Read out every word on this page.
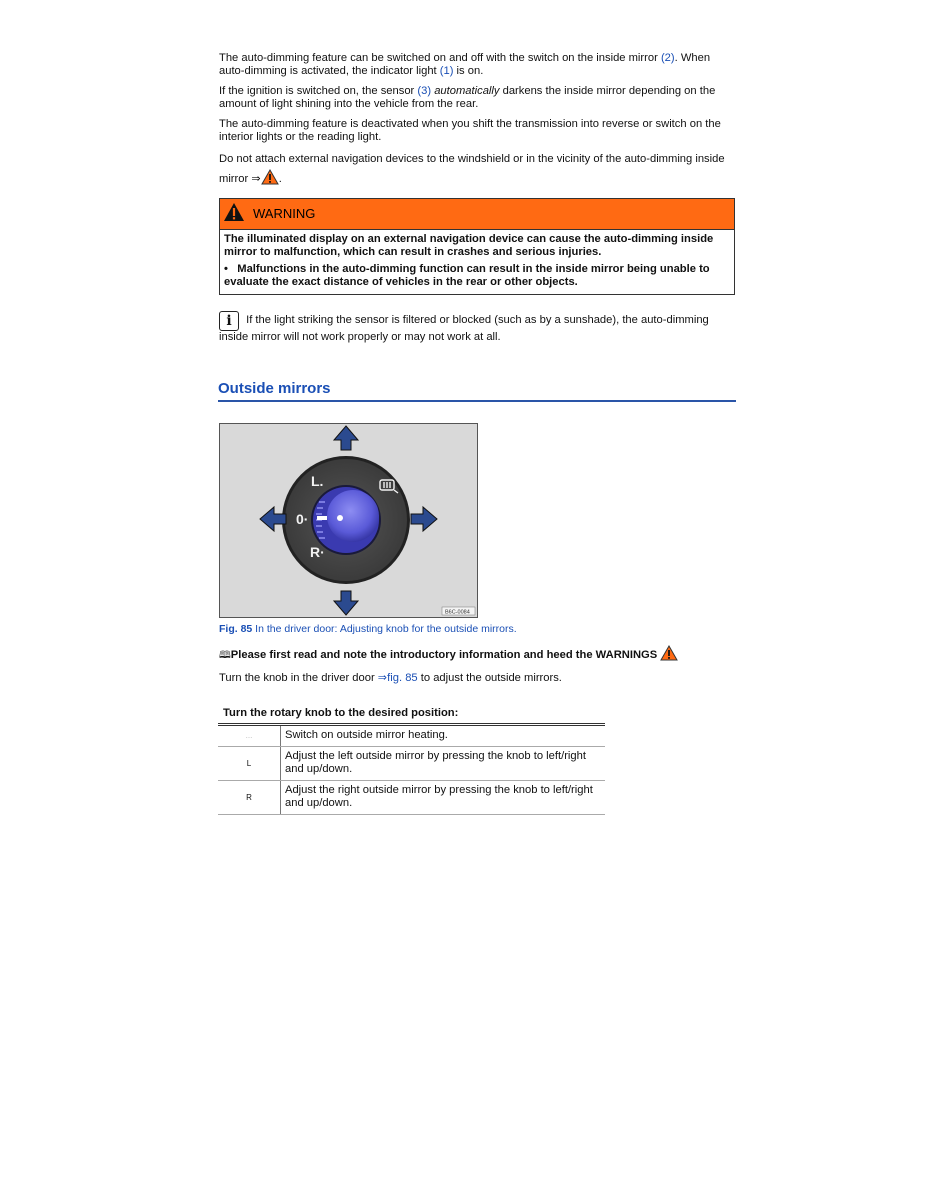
The auto-dimming feature can be switched on and off with the switch on the inside mirror (2). When auto-dimming is activated, the indicator light (1) is on.

If the ignition is switched on, the sensor (3) automatically darkens the inside mirror depending on the amount of light shining into the vehicle from the rear.

The auto-dimming feature is deactivated when you shift the transmission into reverse or switch on the interior lights or the reading light.

Do not attach external navigation devices to the windshield or in the vicinity of the auto-dimming inside mirror ⇒ .

WARNING
The illuminated display on an external navigation device can cause the auto-dimming inside mirror to malfunction, which can result in crashes and serious injuries.
• Malfunctions in the auto-dimming function can result in the inside mirror being unable to evaluate the exact distance of vehicles in the rear or other objects.
i If the light striking the sensor is filtered or blocked (such as by a sunshade), the auto-dimming inside mirror will not work properly or may not work at all.
Outside mirrors
L.
0·
R·
B6C-0084
Fig. 85 In the driver door: Adjusting knob for the outside mirrors.
🕮Please first read and note the introductory information and heed the WARNINGS
Turn the knob in the driver door ⇒fig. 85 to adjust the outside mirrors.
Turn the rotary knob to the desired position:
...	Switch on outside mirror heating.
L
Adjust the left outside mirror by pressing the knob to left/right and up/down.
R
Adjust the right outside mirror by pressing the knob to left/right and up/down.
